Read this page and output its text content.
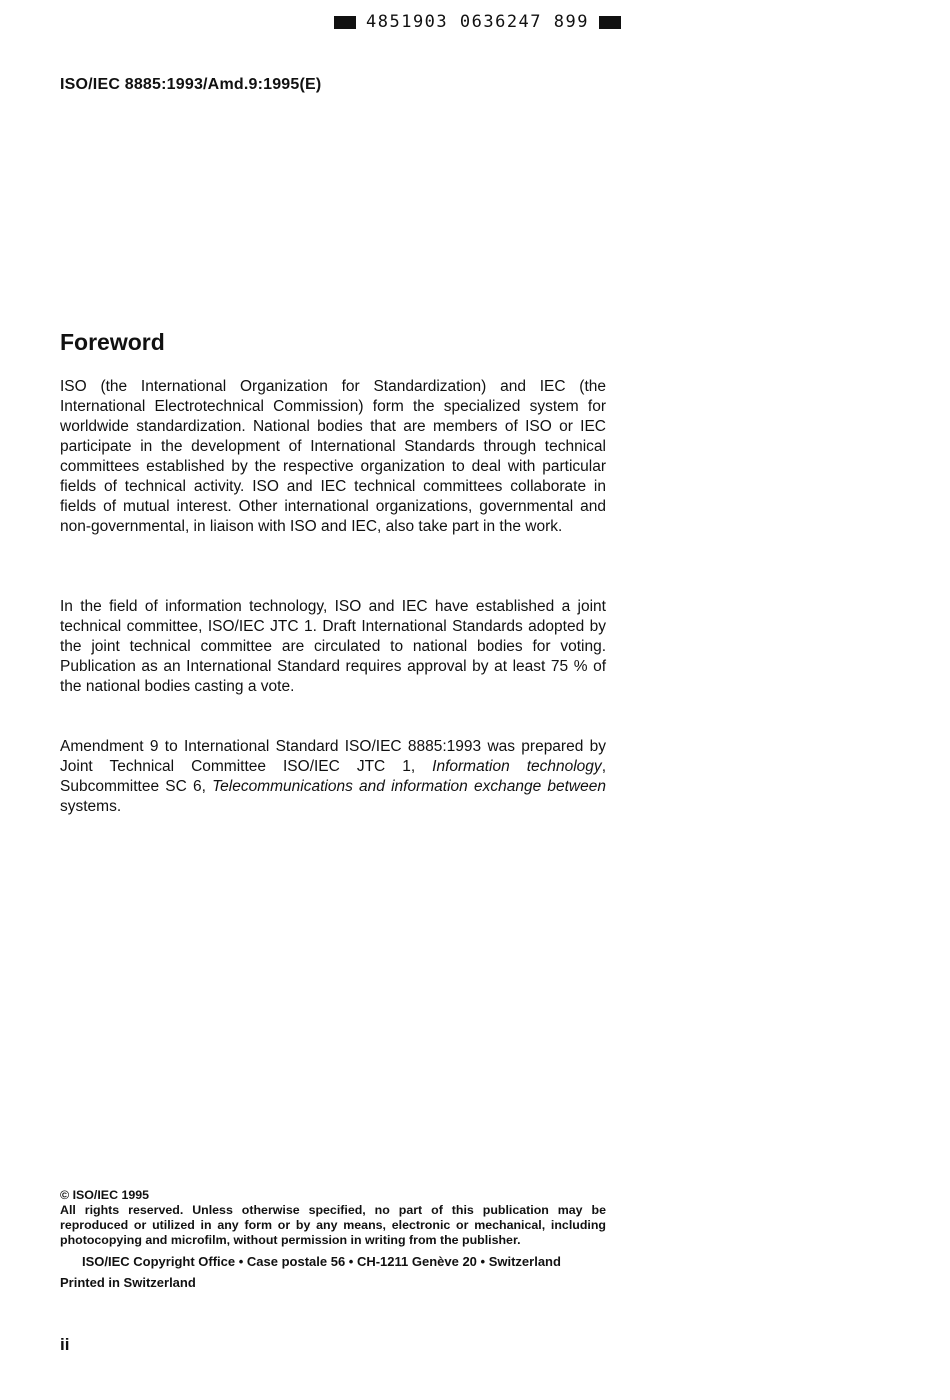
4851903 0636247 899
ISO/IEC 8885:1993/Amd.9:1995(E)
Foreword

ISO (the International Organization for Standardization) and IEC (the International Electrotechnical Commission) form the specialized system for worldwide standardization. National bodies that are members of ISO or IEC participate in the development of International Standards through technical committees established by the respective organization to deal with particular fields of technical activity. ISO and IEC technical committees collaborate in fields of mutual interest. Other international organizations, governmental and non-governmental, in liaison with ISO and IEC, also take part in the work.

In the field of information technology, ISO and IEC have established a joint technical committee, ISO/IEC JTC 1. Draft International Standards adopted by the joint technical committee are circulated to national bodies for voting. Publication as an International Standard requires approval by at least 75 % of the national bodies casting a vote.

Amendment 9 to International Standard ISO/IEC 8885:1993 was prepared by Joint Technical Committee ISO/IEC JTC 1, Information technology, Subcommittee SC 6, Telecommunications and information exchange between systems.

© ISO/IEC 1995

All rights reserved. Unless otherwise specified, no part of this publication may be reproduced or utilized in any form or by any means, electronic or mechanical, including photocopying and microfilm, without permission in writing from the publisher.

ISO/IEC Copyright Office • Case postale 56 • CH-1211 Genève 20 • Switzerland
Printed in Switzerland
ii
